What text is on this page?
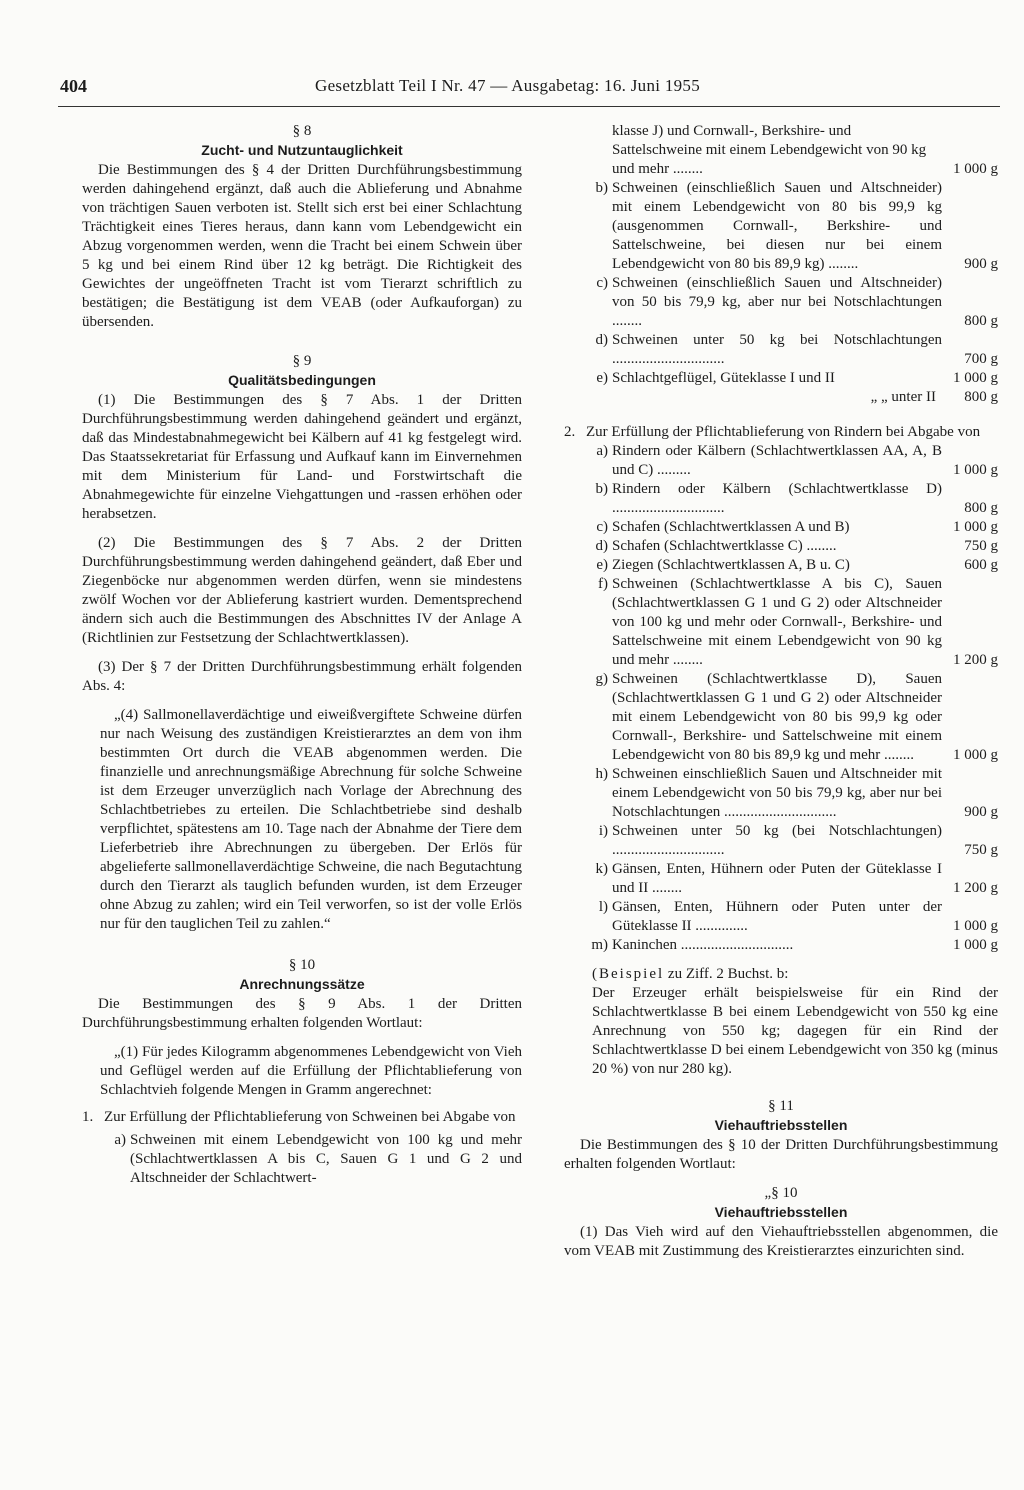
404	Gesetzblatt Teil I Nr. 47 — Ausgabetag: 16. Juni 1955
§ 8
Zucht- und Nutzuntauglichkeit

Die Bestimmungen des § 4 der Dritten Durchführungsbestimmung werden dahingehend ergänzt, daß auch die Ablieferung und Abnahme von trächtigen Sauen verboten ist. Stellt sich erst bei einer Schlachtung Trächtigkeit eines Tieres heraus, dann kann vom Lebendgewicht ein Abzug vorgenommen werden, wenn die Tracht bei einem Schwein über 5 kg und bei einem Rind über 12 kg beträgt. Die Richtigkeit des Gewichtes der ungeöffneten Tracht ist vom Tierarzt schriftlich zu bestätigen; die Bestätigung ist dem VEAB (oder Aufkauforgan) zu übersenden.

§ 9
Qualitätsbedingungen

(1) Die Bestimmungen des § 7 Abs. 1 der Dritten Durchführungsbestimmung werden dahingehend geändert und ergänzt, daß das Mindestabnahmegewicht bei Kälbern auf 41 kg festgelegt wird. Das Staatssekretariat für Erfassung und Aufkauf kann im Einvernehmen mit dem Ministerium für Land- und Forstwirtschaft die Abnahmegewichte für einzelne Viehgattungen und -rassen erhöhen oder herabsetzen.

(2) Die Bestimmungen des § 7 Abs. 2 der Dritten Durchführungsbestimmung werden dahingehend geändert, daß Eber und Ziegenböcke nur abgenommen werden dürfen, wenn sie mindestens zwölf Wochen vor der Ablieferung kastriert wurden. Dementsprechend ändern sich auch die Bestimmungen des Abschnittes IV der Anlage A (Richtlinien zur Festsetzung der Schlachtwertklassen).

(3) Der § 7 der Dritten Durchführungsbestimmung erhält folgenden Abs. 4:

„(4) Sallmonellaverdächtige und eiweißvergiftete Schweine dürfen nur nach Weisung des zuständigen Kreistierarztes an dem von ihm bestimmten Ort durch die VEAB abgenommen werden. Die finanzielle und anrechnungsmäßige Abrechnung für solche Schweine ist dem Erzeuger unverzüglich nach Vorlage der Abrechnung des Schlachtbetriebes zu erteilen. Die Schlachtbetriebe sind deshalb verpflichtet, spätestens am 10. Tage nach der Abnahme der Tiere dem Lieferbetrieb ihre Abrechnungen zu übergeben. Der Erlös für abgelieferte sallmonellaverdächtige Schweine, die nach Begutachtung durch den Tierarzt als tauglich befunden wurden, ist dem Erzeuger ohne Abzug zu zahlen; wird ein Teil verworfen, so ist der volle Erlös nur für den tauglichen Teil zu zahlen.“

§ 10
Anrechnungssätze

Die Bestimmungen des § 9 Abs. 1 der Dritten Durchführungsbestimmung erhalten folgenden Wortlaut:

„(1) Für jedes Kilogramm abgenommenes Lebendgewicht von Vieh und Geflügel werden auf die Erfüllung der Pflichtablieferung von Schlachtvieh folgende Mengen in Gramm angerechnet:

1. Zur Erfüllung der Pflichtablieferung von Schweinen bei Abgabe von
a) Schweinen mit einem Lebendgewicht von 100 kg und mehr (Schlachtwertklassen A bis C, Sauen G 1 und G 2 und Altschneider der Schlachtwert-
klasse J) und Cornwall-, Berkshire- und Sattelschweine mit einem Lebendgewicht von 90 kg und mehr ........	1 000 g
b) Schweinen (einschließlich Sauen und Altschneider) mit einem Lebendgewicht von 80 bis 99,9 kg (ausgenommen Cornwall-, Berkshire- und Sattelschweine, bei diesen nur bei einem Lebendgewicht von 80 bis 89,9 kg) ........	900 g
c) Schweinen (einschließlich Sauen und Altschneider) von 50 bis 79,9 kg, aber nur bei Notschlachtungen ........	800 g
d) Schweinen unter 50 kg bei Notschlachtungen ..............................	700 g
e) Schlachtgeflügel, Güteklasse I und II	1 000 g
„ „ unter II	800 g
2. Zur Erfüllung der Pflichtablieferung von Rindern bei Abgabe von
a) Rindern oder Kälbern (Schlachtwertklassen AA, A, B und C) .........	1 000 g
b) Rindern oder Kälbern (Schlachtwertklasse D) ..............................	800 g
c) Schafen (Schlachtwertklassen A und B)	1 000 g
d) Schafen (Schlachtwertklasse C) ........	750 g
e) Ziegen (Schlachtwertklassen A, B u. C)	600 g
f) Schweinen (Schlachtwertklasse A bis C), Sauen (Schlachtwertklassen G 1 und G 2) oder Altschneider von 100 kg und mehr oder Cornwall-, Berkshire- und Sattelschweine mit einem Lebendgewicht von 90 kg und mehr ........	1 200 g
g) Schweinen (Schlachtwertklasse D), Sauen (Schlachtwertklassen G 1 und G 2) oder Altschneider mit einem Lebendgewicht von 80 bis 99,9 kg oder Cornwall-, Berkshire- und Sattelschweine mit einem Lebendgewicht von 80 bis 89,9 kg und mehr ........	1 000 g
h) Schweinen einschließlich Sauen und Altschneider mit einem Lebendgewicht von 50 bis 79,9 kg, aber nur bei Notschlachtungen ..............................	900 g
i) Schweinen unter 50 kg (bei Notschlachtungen) ..............................	750 g
k) Gänsen, Enten, Hühnern oder Puten der Güteklasse I und II ........	1 200 g
l) Gänsen, Enten, Hühnern oder Puten unter der Güteklasse II ..............	1 000 g
m) Kaninchen ..............................	1 000 g

(Beispiel zu Ziff. 2 Buchst. b:

Der Erzeuger erhält beispielsweise für ein Rind der Schlachtwertklasse B bei einem Lebendgewicht von 550 kg eine Anrechnung von 550 kg; dagegen für ein Rind der Schlachtwertklasse D bei einem Lebendgewicht von 350 kg (minus 20 %) von nur 280 kg).

§ 11
Viehauftriebsstellen

Die Bestimmungen des § 10 der Dritten Durchführungsbestimmung erhalten folgenden Wortlaut:

„§ 10
Viehauftriebsstellen

(1) Das Vieh wird auf den Viehauftriebsstellen abgenommen, die vom VEAB mit Zustimmung des Kreistierarztes einzurichten sind.
